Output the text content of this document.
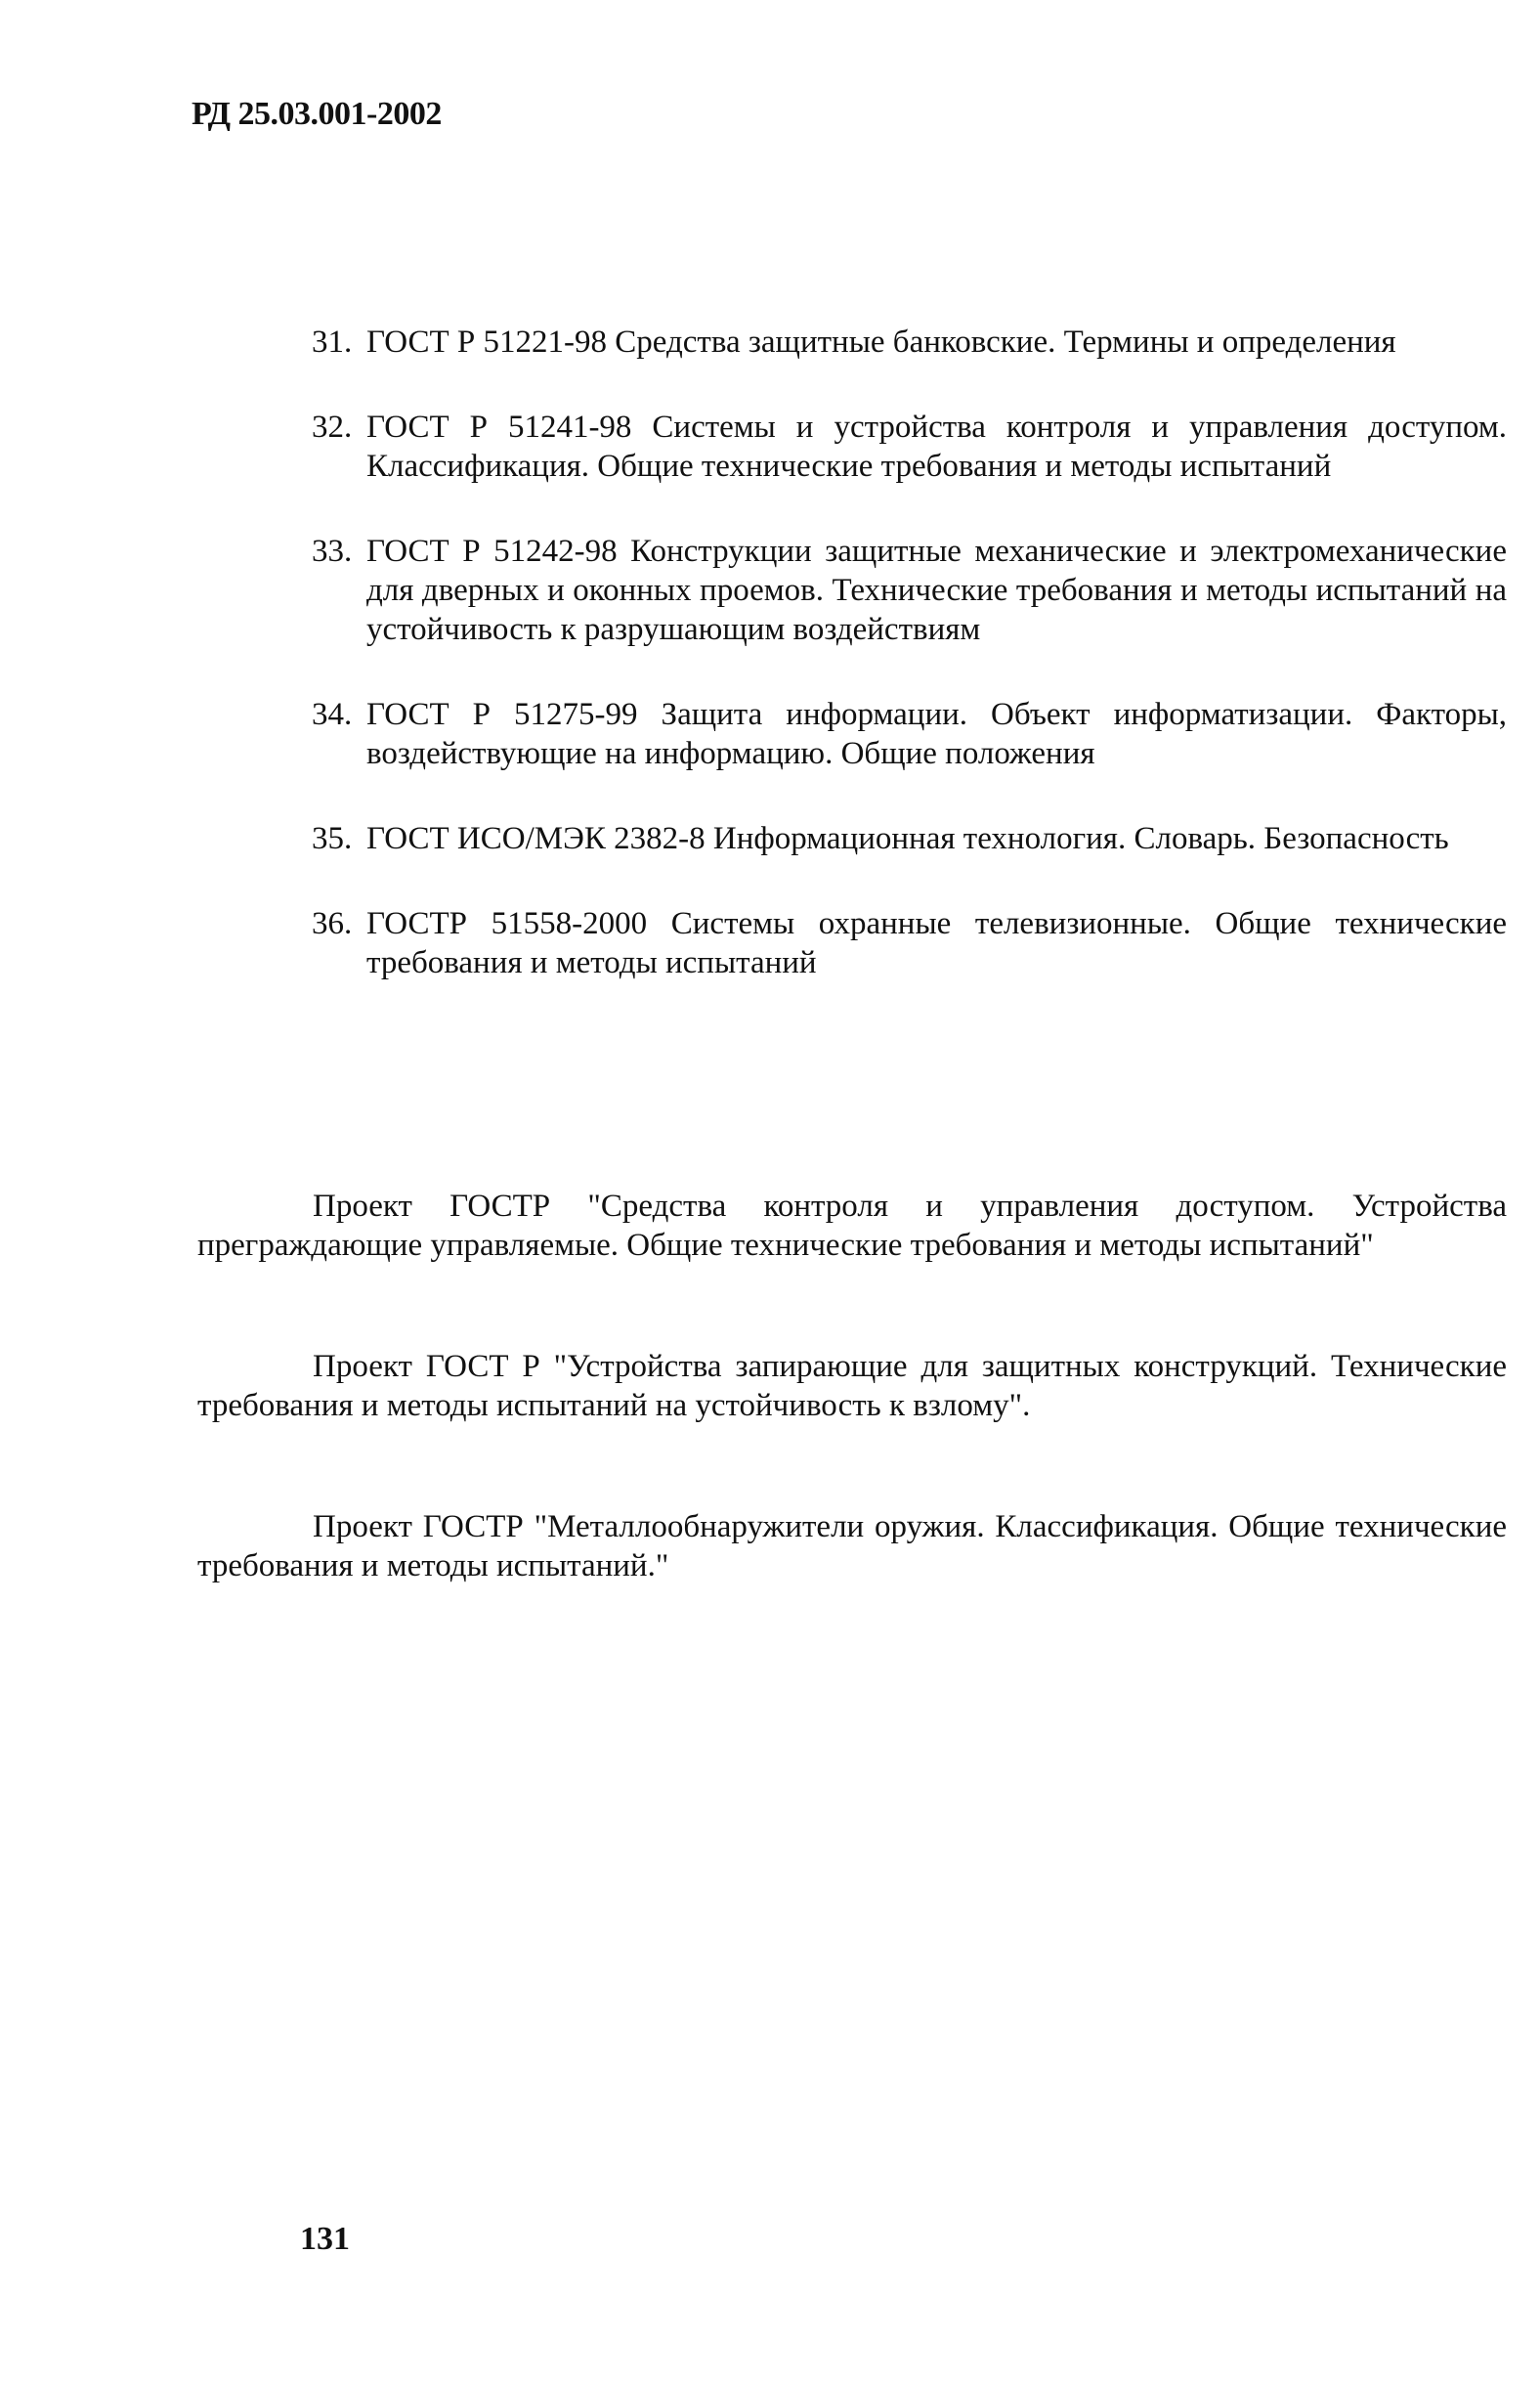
РД 25.03.001-2002
31. ГОСТ Р 51221-98 Средства защитные банковские. Термины и определения
32. ГОСТ Р 51241-98 Системы и устройства контроля и управления доступом. Классификация. Общие технические требования и методы испытаний
33. ГОСТ Р 51242-98 Конструкции защитные механические и электромеханические для дверных и оконных проемов. Технические требования и методы испытаний на устойчивость к разрушающим воздействиям
34. ГОСТ Р 51275-99 Защита информации. Объект информатизации. Факторы, воздействующие на информацию. Общие положения
35. ГОСТ ИСО/МЭК 2382-8 Информационная технология. Словарь. Безопасность
36. ГОСТР 51558-2000 Системы охранные телевизионные. Общие технические требования и методы испытаний

Проект ГОСТР "Средства контроля и управления доступом. Устройства преграждающие управляемые. Общие технические требования и методы испытаний"

Проект ГОСТ Р "Устройства запирающие для защитных конструкций. Технические требования и методы испытаний на устойчивость к взлому".

Проект ГОСТР "Металлообнаружители оружия. Классификация. Общие технические требования и методы испытаний."

131
